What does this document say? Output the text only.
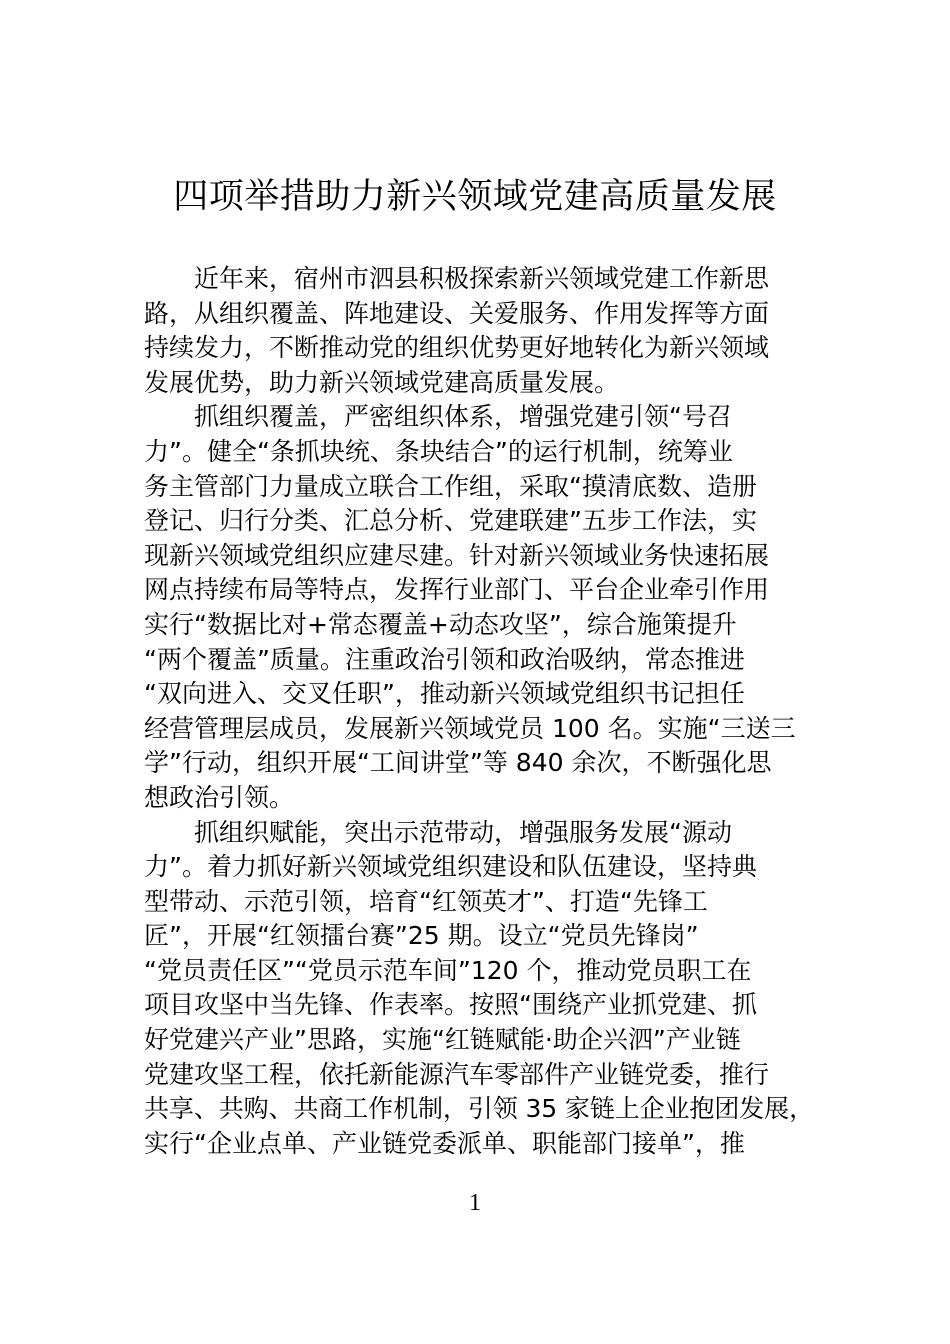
四项举措助力新兴领域党建高质量发展

近年来，宿州市泗县积极探索新兴领域党建工作新思
路，从组织覆盖、阵地建设、关爱服务、作用发挥等方面
持续发力，不断推动党的组织优势更好地转化为新兴领域
发展优势，助力新兴领域党建高质量发展。

抓组织覆盖，严密组织体系，增强党建引领“号召
力”。健全“条抓块统、条块结合”的运行机制，统筹业
务主管部门力量成立联合工作组，采取“摸清底数、造册
登记、归行分类、汇总分析、党建联建”五步工作法，实
现新兴领域党组织应建尽建。针对新兴领域业务快速拓展
网点持续布局等特点，发挥行业部门、平台企业牵引作用
实行“数据比对+常态覆盖+动态攻坚”，综合施策提升
“两个覆盖”质量。注重政治引领和政治吸纳，常态推进
“双向进入、交叉任职”，推动新兴领域党组织书记担任
经营管理层成员，发展新兴领域党员 100 名。实施“三送三
学”行动，组织开展“工间讲堂”等 840 余次，不断强化思
想政治引领。

抓组织赋能，突出示范带动，增强服务发展“源动
力”。着力抓好新兴领域党组织建设和队伍建设，坚持典
型带动、示范引领，培育“红领英才”、打造“先锋工
匠”，开展“红领擂台赛”25 期。设立“党员先锋岗”
“党员责任区”“党员示范车间”120 个，推动党员职工在
项目攻坚中当先锋、作表率。按照“围绕产业抓党建、抓
好党建兴产业”思路，实施“红链赋能·助企兴泗”产业链
党建攻坚工程，依托新能源汽车零部件产业链党委，推行
共享、共购、共商工作机制，引领 35 家链上企业抱团发展，
实行“企业点单、产业链党委派单、职能部门接单”，推

1
